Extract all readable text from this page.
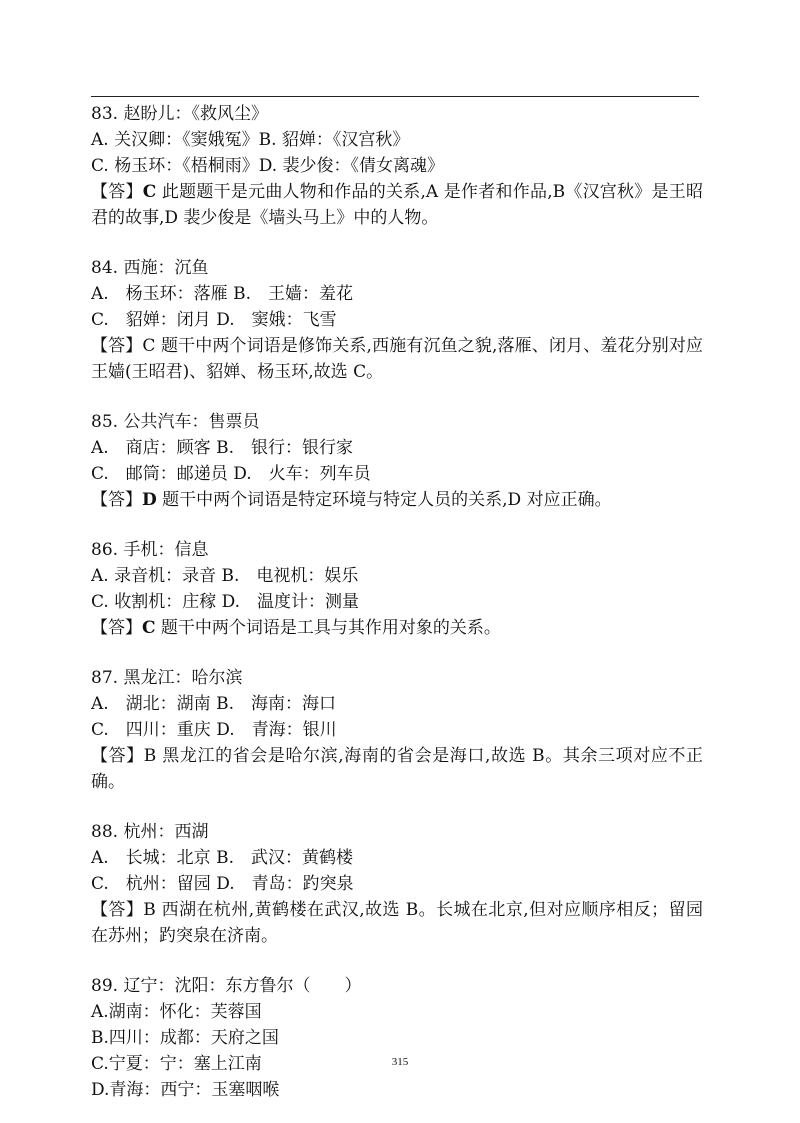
83. 赵盼儿：《救风尘》
A. 关汉卿：《窦娥冤》B. 貂婵：《汉宫秋》
C. 杨玉环：《梧桐雨》D. 裴少俊：《倩女离魂》
【答】C 此题题干是元曲人物和作品的关系,A 是作者和作品,B《汉宫秋》是王昭君的故事,D 裴少俊是《墙头马上》中的人物。
84. 西施：沉鱼
A.　杨玉环：落雁 B.　王嫱：羞花
C.　貂婵：闭月 D.　窦娥：飞雪
【答】C 题干中两个词语是修饰关系,西施有沉鱼之貌,落雁、闭月、羞花分别对应王嫱(王昭君)、貂婵、杨玉环,故选 C。
85. 公共汽车：售票员
A.　商店：顾客 B.　银行：银行家
C.　邮筒：邮递员 D.　火车：列车员
【答】D 题干中两个词语是特定环境与特定人员的关系,D 对应正确。
86. 手机：信息
A. 录音机：录音 B.　电视机：娱乐
C. 收割机：庄稼 D.　温度计：测量
【答】C 题干中两个词语是工具与其作用对象的关系。
87. 黑龙江：哈尔滨
A.　湖北：湖南 B.　海南：海口
C.　四川：重庆 D.　青海：银川
【答】B 黑龙江的省会是哈尔滨,海南的省会是海口,故选 B。其余三项对应不正确。
88. 杭州：西湖
A.　长城：北京 B.　武汉：黄鹤楼
C.　杭州：留园 D.　青岛：趵突泉
【答】B 西湖在杭州,黄鹤楼在武汉,故选 B。长城在北京,但对应顺序相反；留园在苏州；趵突泉在济南。
89. 辽宁：沈阳：东方鲁尔（　　）
A.湖南：怀化：芙蓉国
B.四川：成都：天府之国
C.宁夏：宁：塞上江南
D.青海：西宁：玉塞咽喉
315
